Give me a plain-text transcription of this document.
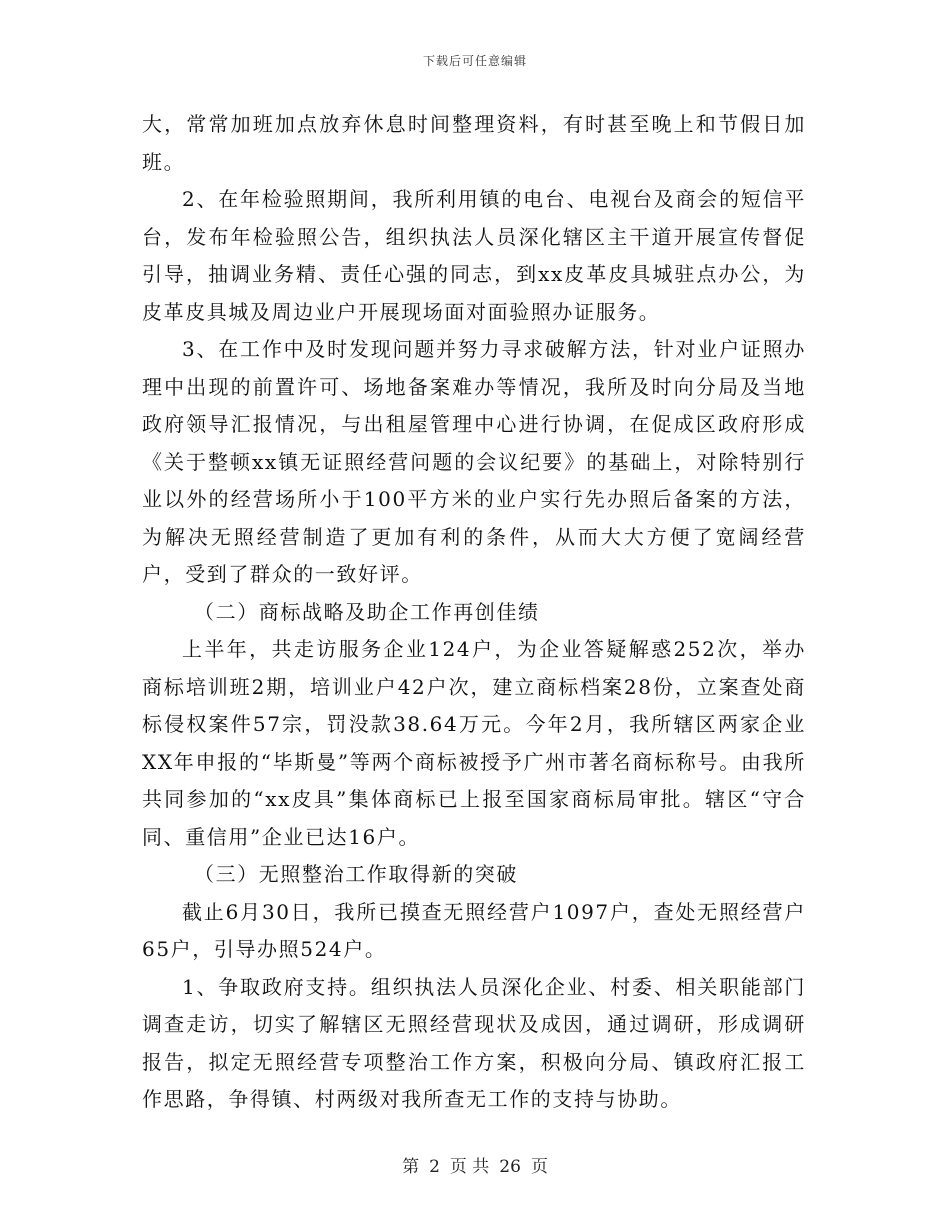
下载后可任意编辑

大，常常加班加点放弃休息时间整理资料，有时甚至晚上和节假日加班。

2、在年检验照期间，我所利用镇的电台、电视台及商会的短信平台，发布年检验照公告，组织执法人员深化辖区主干道开展宣传督促引导，抽调业务精、责任心强的同志，到xx皮革皮具城驻点办公，为皮革皮具城及周边业户开展现场面对面验照办证服务。

3、在工作中及时发现问题并努力寻求破解方法，针对业户证照办理中出现的前置许可、场地备案难办等情况，我所及时向分局及当地政府领导汇报情况，与出租屋管理中心进行协调，在促成区政府形成《关于整顿xx镇无证照经营问题的会议纪要》的基础上，对除特别行业以外的经营场所小于100平方米的业户实行先办照后备案的方法，为解决无照经营制造了更加有利的条件，从而大大方便了宽阔经营户，受到了群众的一致好评。

（二）商标战略及助企工作再创佳绩

上半年，共走访服务企业124户，为企业答疑解惑252次，举办商标培训班2期，培训业户42户次，建立商标档案28份，立案查处商标侵权案件57宗，罚没款38.64万元。今年2月，我所辖区两家企业XX年申报的“毕斯曼”等两个商标被授予广州市著名商标称号。由我所共同参加的“xx皮具”集体商标已上报至国家商标局审批。辖区“守合同、重信用”企业已达16户。

（三）无照整治工作取得新的突破

截止6月30日，我所已摸查无照经营户1097户，查处无照经营户65户，引导办照524户。

1、争取政府支持。组织执法人员深化企业、村委、相关职能部门调查走访，切实了解辖区无照经营现状及成因，通过调研，形成调研报告，拟定无照经营专项整治工作方案，积极向分局、镇政府汇报工作思路，争得镇、村两级对我所查无工作的支持与协助。

第 2 页 共 26 页
